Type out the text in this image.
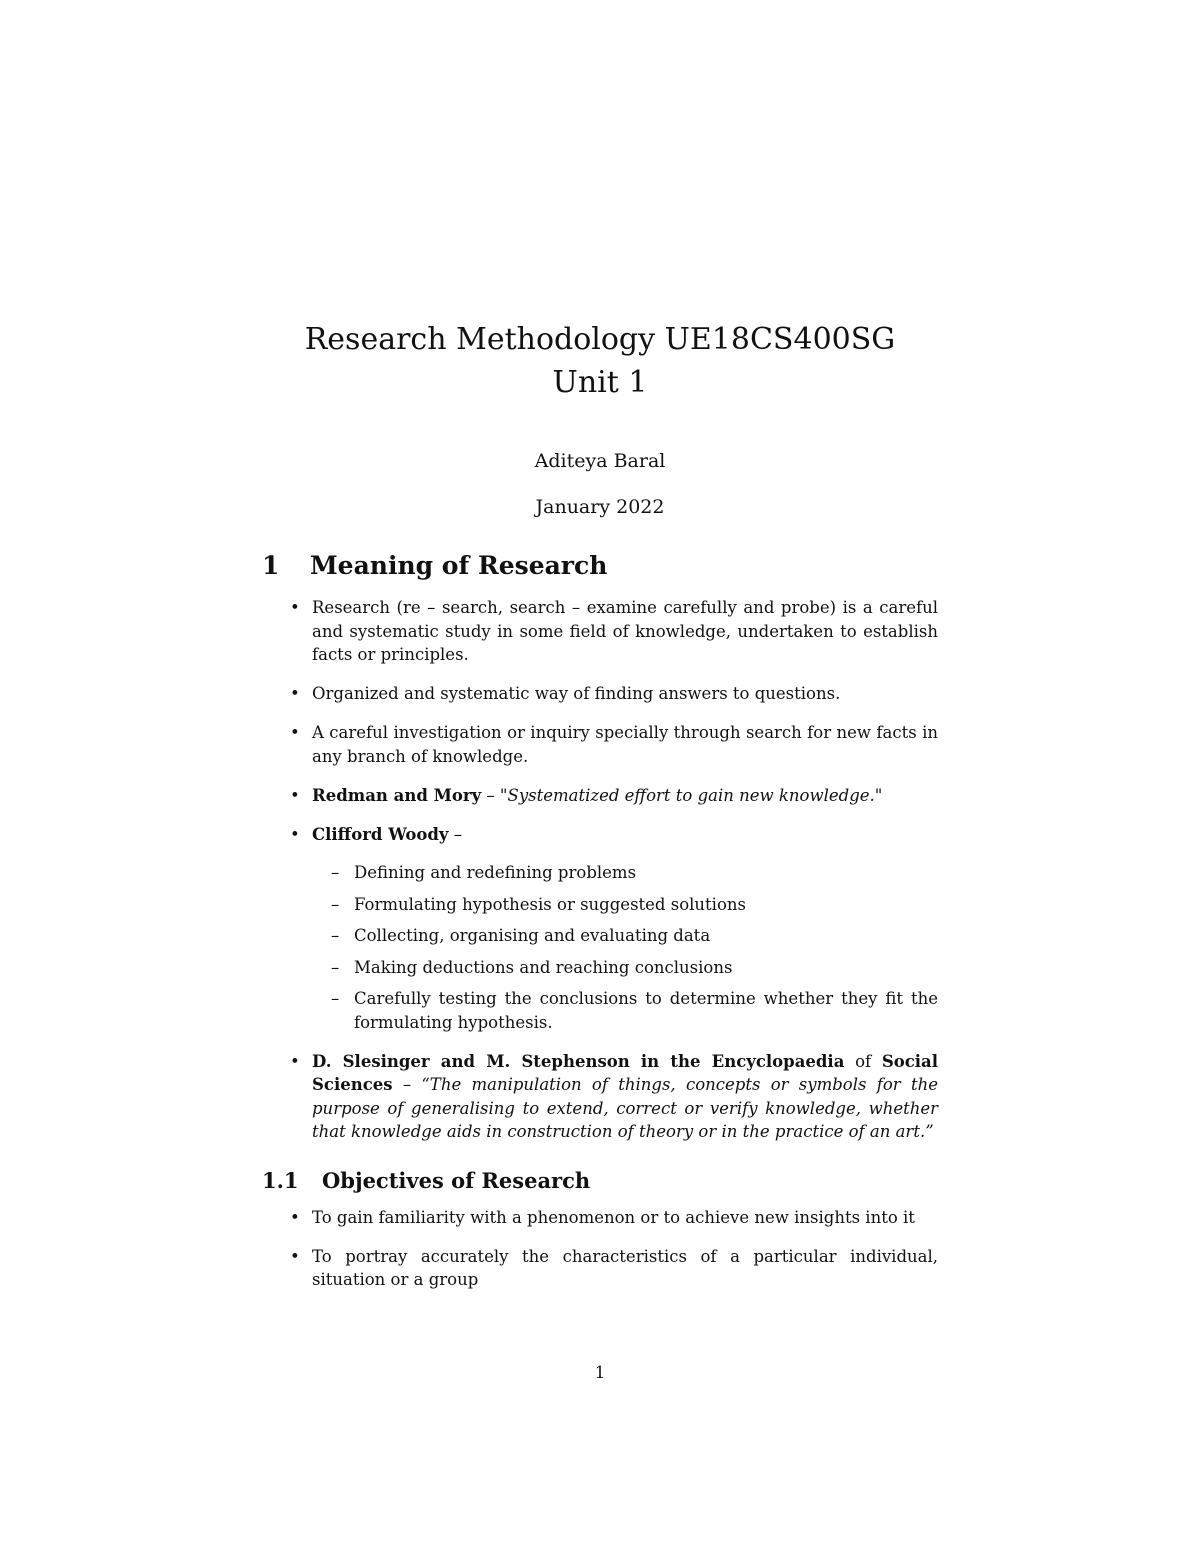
Research Methodology UE18CS400SG
Unit 1
Aditeya Baral
January 2022
1	Meaning of Research
• Research (re – search, search – examine carefully and probe) is a careful and systematic study in some field of knowledge, undertaken to establish facts or principles.
• Organized and systematic way of finding answers to questions.
• A careful investigation or inquiry specially through search for new facts in any branch of knowledge.
• Redman and Mory – "Systematized effort to gain new knowledge."
• Clifford Woody –
– Defining and redefining problems
– Formulating hypothesis or suggested solutions
– Collecting, organising and evaluating data
– Making deductions and reaching conclusions
– Carefully testing the conclusions to determine whether they fit the formulating hypothesis.
• D. Slesinger and M. Stephenson in the Encyclopaedia of Social Sciences – “The manipulation of things, concepts or symbols for the purpose of generalising to extend, correct or verify knowledge, whether that knowledge aids in construction of theory or in the practice of an art.”
1.1	Objectives of Research
• To gain familiarity with a phenomenon or to achieve new insights into it
• To portray accurately the characteristics of a particular individual, situation or a group
1
